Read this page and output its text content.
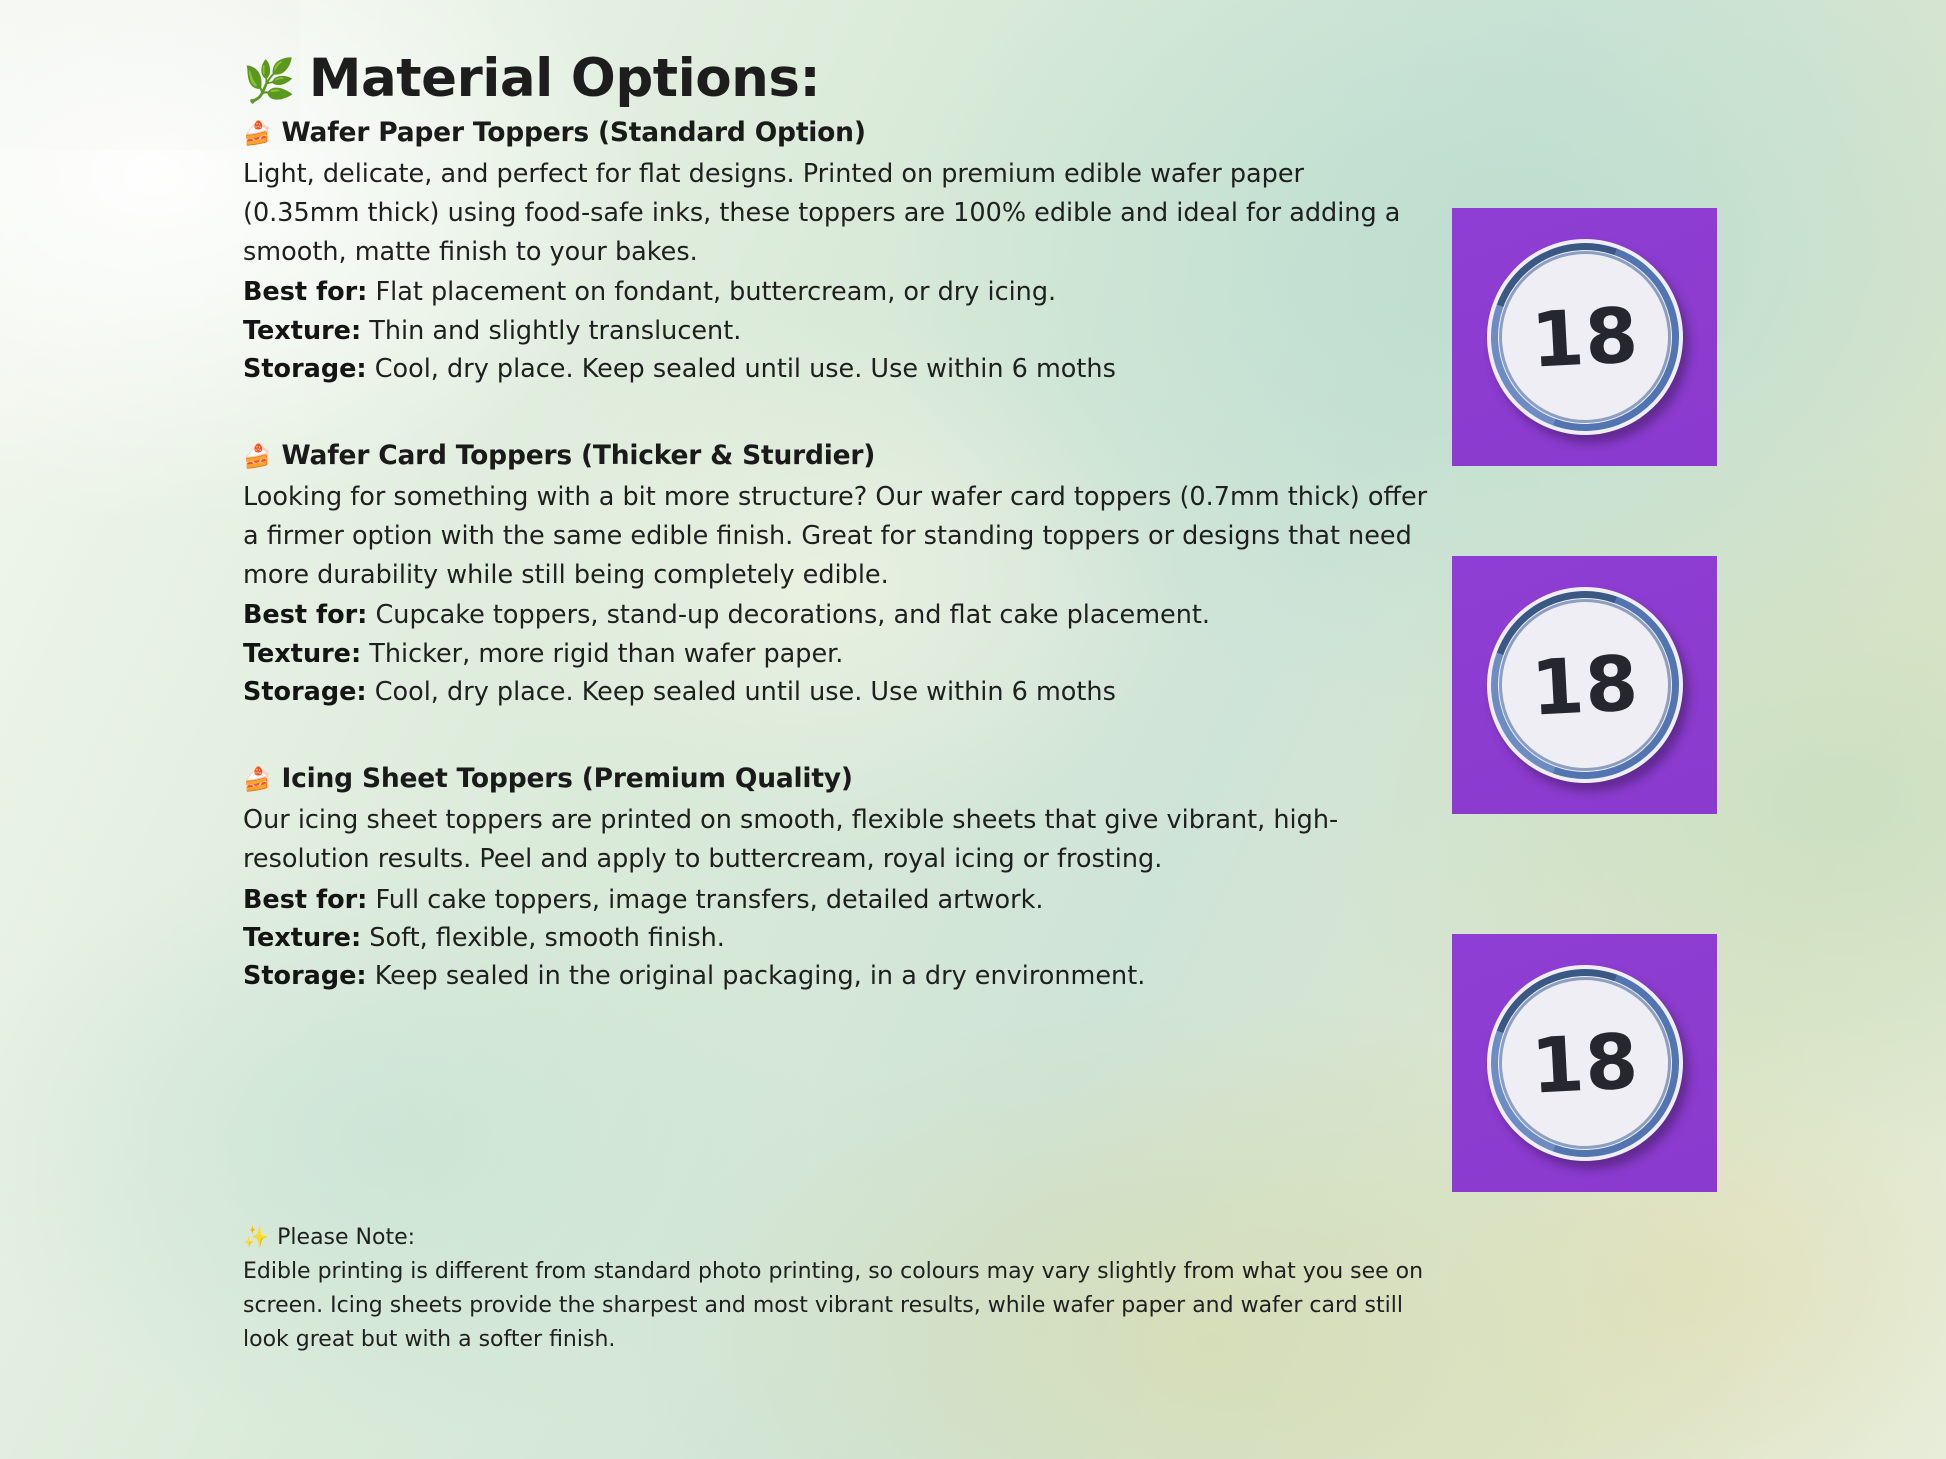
🌿 Material Options:
🍰 Wafer Paper Toppers (Standard Option)

Light, delicate, and perfect for flat designs. Printed on premium edible wafer paper (0.35mm thick) using food-safe inks, these toppers are 100% edible and ideal for adding a smooth, matte finish to your bakes.

Best for: Flat placement on fondant, buttercream, or dry icing.

Texture: Thin and slightly translucent.

Storage: Cool, dry place. Keep sealed until use. Use within 6 moths

🍰 Wafer Card Toppers (Thicker & Sturdier)

Looking for something with a bit more structure? Our wafer card toppers (0.7mm thick) offer a firmer option with the same edible finish. Great for standing toppers or designs that need more durability while still being completely edible.

Best for: Cupcake toppers, stand-up decorations, and flat cake placement.

Texture: Thicker, more rigid than wafer paper.

Storage: Cool, dry place. Keep sealed until use. Use within 6 moths

🍰 Icing Sheet Toppers (Premium Quality)

Our icing sheet toppers are printed on smooth, flexible sheets that give vibrant, high-resolution results. Peel and apply to buttercream, royal icing or frosting.

Best for: Full cake toppers, image transfers, detailed artwork.

Texture: Soft, flexible, smooth finish.

Storage: Keep sealed in the original packaging, in a dry environment.

✨ Please Note:

Edible printing is different from standard photo printing, so colours may vary slightly from what you see on screen. Icing sheets provide the sharpest and most vibrant results, while wafer paper and wafer card still look great but with a softer finish.

18
18
18
